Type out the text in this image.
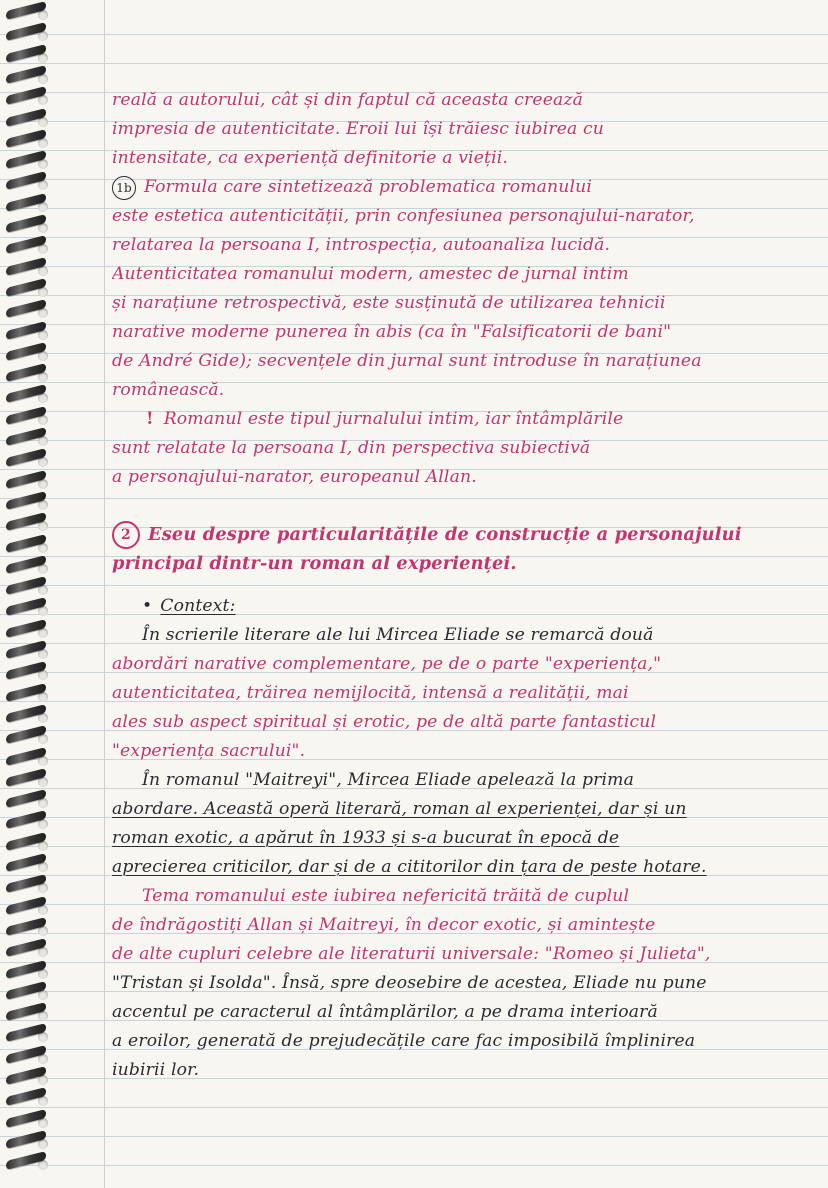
reală a autorului, cât și din faptul că aceasta creează
impresia de autenticitate. Eroii lui își trăiesc iubirea cu
intensitate, ca experiență definitorie a vieții.
1b Formula care sintetizează problematica romanului
este estetica autenticității, prin confesiunea personajului-narator,
relatarea la persoana I, introspecția, autoanaliza lucidă.
Autenticitatea romanului modern, amestec de jurnal intim
și narațiune retrospectivă, este susținută de utilizarea tehnicii
narative moderne punerea în abis (ca în "Falsificatorii de bani"
de André Gide); secvențele din jurnal sunt introduse în narațiunea
românească.
! Romanul este tipul jurnalului intim, iar întâmplările
sunt relatate la persoana I, din perspectiva subiectivă
a personajului-narator, europeanul Allan.
2 Eseu despre particularitățile de construcție a personajului
principal dintr-un roman al experienței.
• Context:
În scrierile literare ale lui Mircea Eliade se remarcă două
abordări narative complementare, pe de o parte "experiența,"
autenticitatea, trăirea nemijlocită, intensă a realității, mai
ales sub aspect spiritual și erotic, pe de altă parte fantasticul
"experiența sacrului".
În romanul "Maitreyi", Mircea Eliade apelează la prima
abordare. Această operă literară, roman al experienței, dar și un
roman exotic, a apărut în 1933 și s-a bucurat în epocă de
aprecierea criticilor, dar și de a cititorilor din țara de peste hotare.
Tema romanului este iubirea nefericită trăită de cuplul
de îndrăgostiți Allan și Maitreyi, în decor exotic, și amintește
de alte cupluri celebre ale literaturii universale: "Romeo și Julieta",
"Tristan și Isolda". Însă, spre deosebire de acestea, Eliade nu pune
accentul pe caracterul al întâmplărilor, a pe drama interioară
a eroilor, generată de prejudecățile care fac imposibilă împlinirea
iubirii lor.
